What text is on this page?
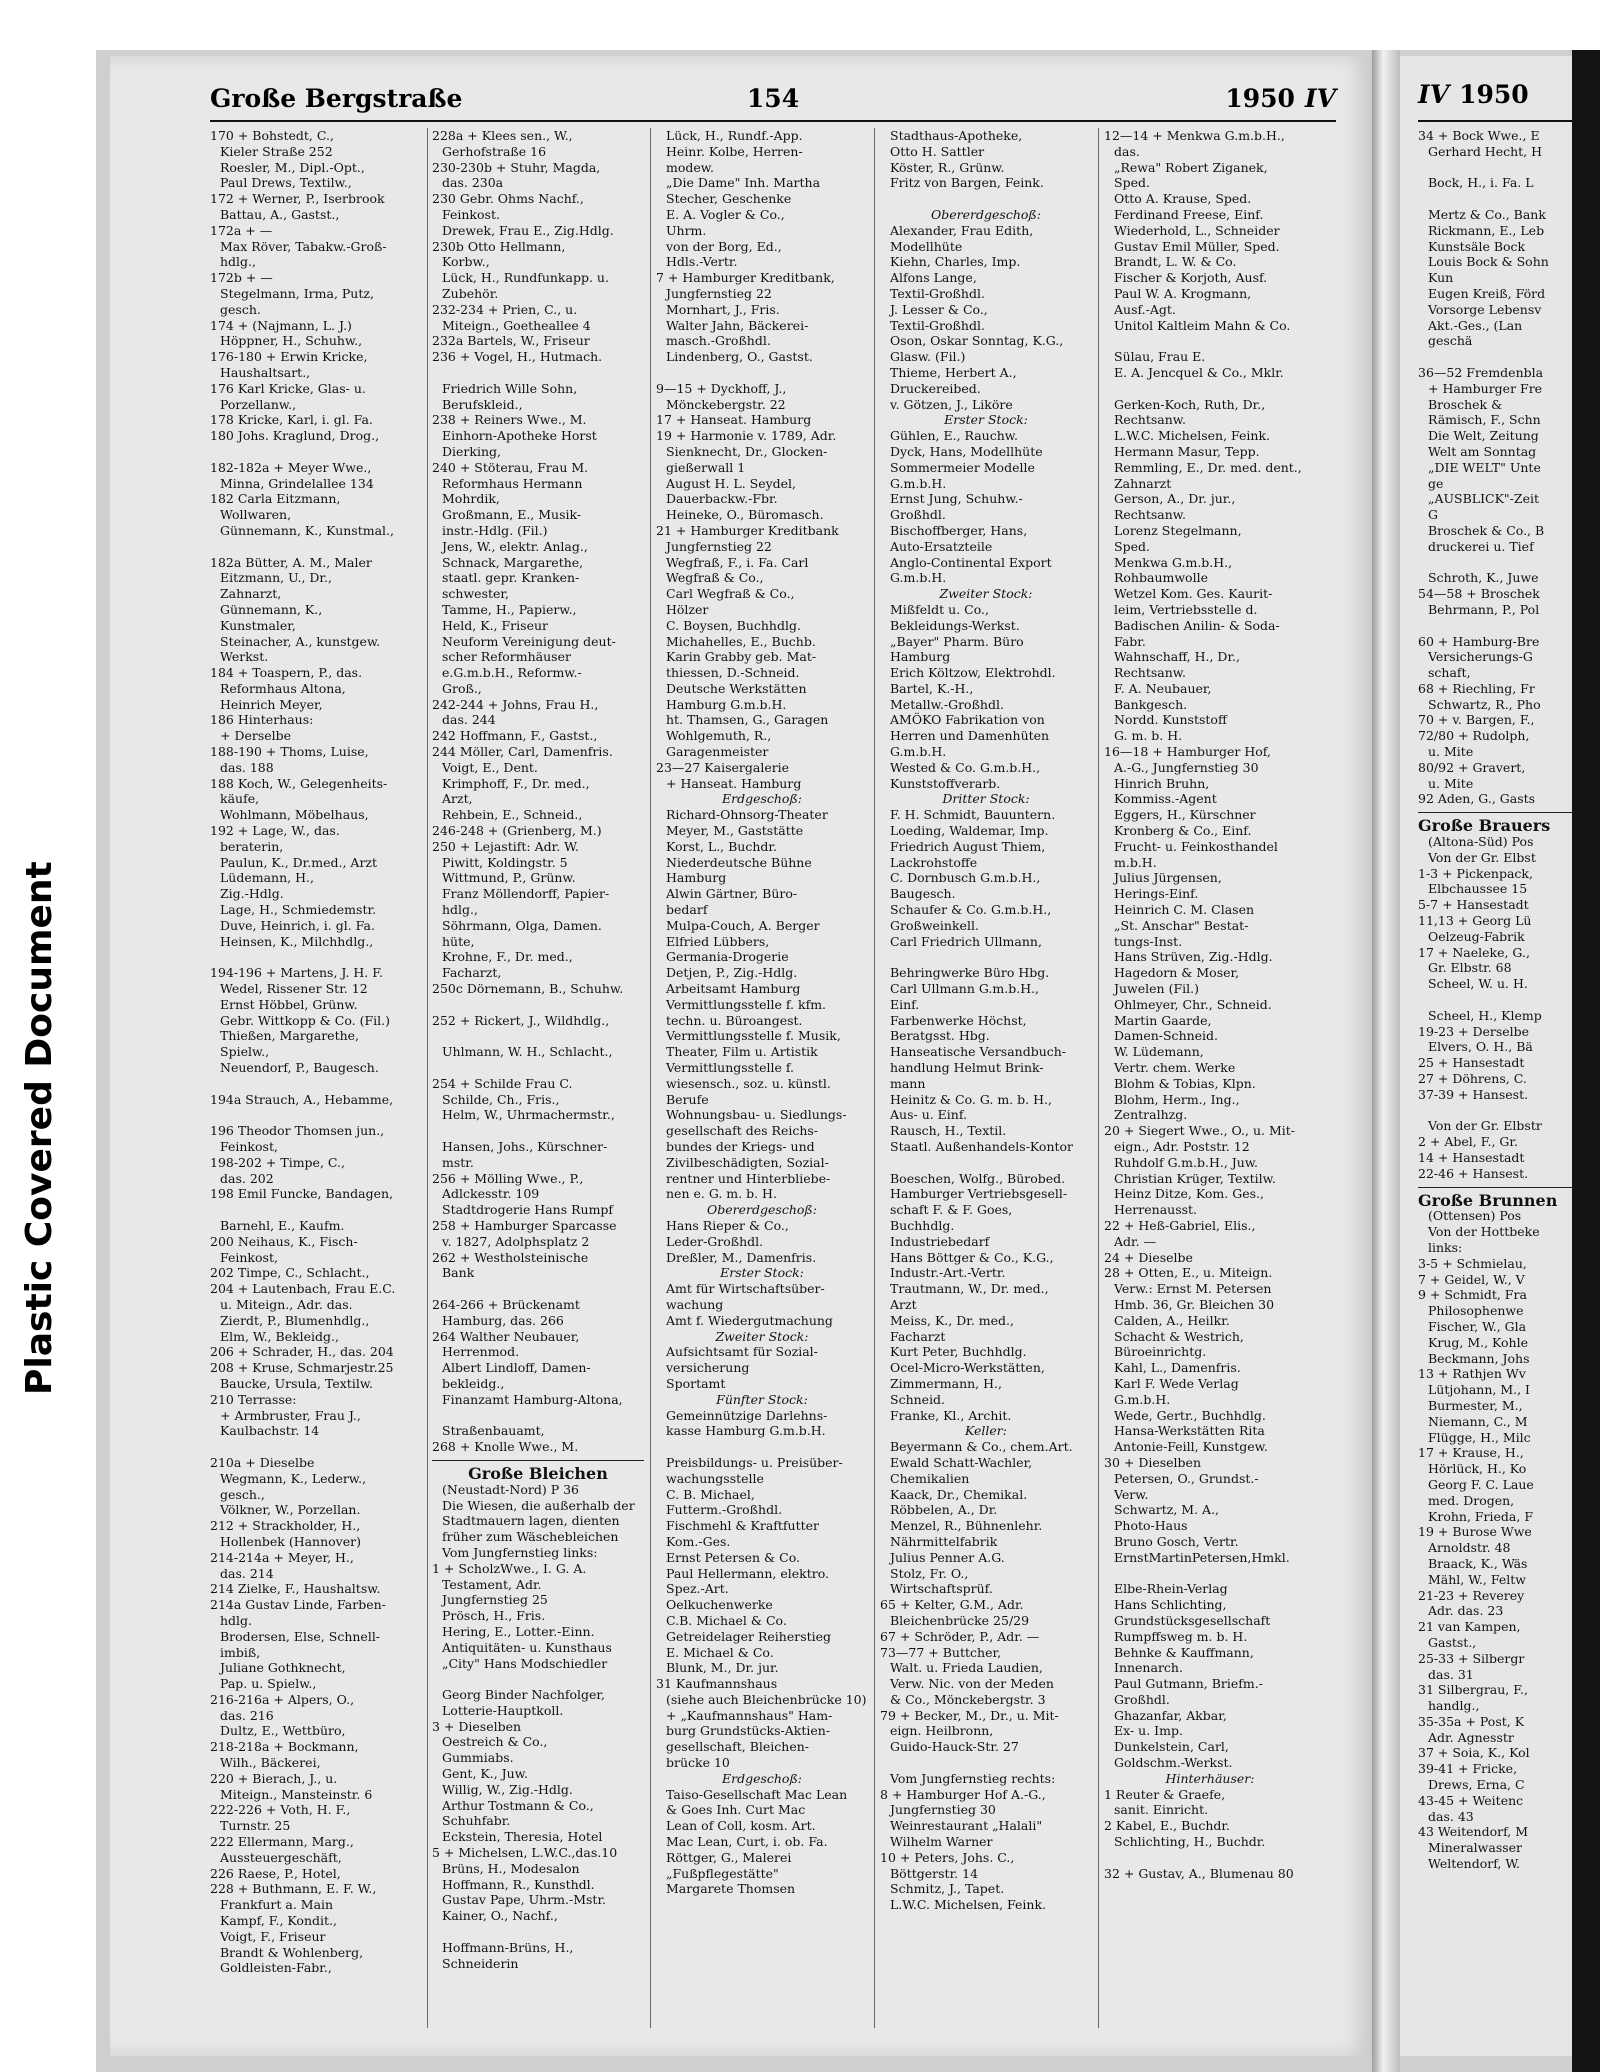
Plastic Covered Document
Große Bergstraße	154	1950 IV
170 + Bohstedt, C.,
Kieler Straße 252
Roesler, M., Dipl.-Opt.,
Paul Drews, Textilw.,
172 + Werner, P., Iserbrook
Battau, A., Gastst.,
172a + —
Max Röver, Tabakw.-Groß-
hdlg.,
172b + —
Stegelmann, Irma, Putz,
gesch.
174 + (Najmann, L. J.)
Höppner, H., Schuhw.,
176-180 + Erwin Kricke,
Haushaltsart.,
176 Karl Kricke, Glas- u.
Porzellanw.,
178 Kricke, Karl, i. gl. Fa.
180 Johs. Kraglund, Drog.,

182-182a + Meyer Wwe.,
Minna, Grindelallee 134
182 Carla Eitzmann,
Wollwaren,
Günnemann, K., Kunstmal.,

182a Bütter, A. M., Maler
Eitzmann, U., Dr.,
Zahnarzt,
Günnemann, K.,
Kunstmaler,
Steinacher, A., kunstgew.
Werkst.
184 + Toaspern, P., das.
Reformhaus Altona,
Heinrich Meyer,
186 Hinterhaus:
+ Derselbe
188-190 + Thoms, Luise,
das. 188
188 Koch, W., Gelegenheits-
käufe,
Wohlmann, Möbelhaus,
192 + Lage, W., das.
beraterin,
Paulun, K., Dr.med., Arzt
Lüdemann, H.,
Zig.-Hdlg.
Lage, H., Schmiedemstr.
Duve, Heinrich, i. gl. Fa.
Heinsen, K., Milchhdlg.,

194-196 + Martens, J. H. F.
Wedel, Rissener Str. 12
Ernst Höbbel, Grünw.
Gebr. Wittkopp & Co. (Fil.)
Thießen, Margarethe,
Spielw.,
Neuendorf, P., Baugesch.

194a Strauch, A., Hebamme,

196 Theodor Thomsen jun.,
Feinkost,
198-202 + Timpe, C.,
das. 202
198 Emil Funcke, Bandagen,

Barnehl, E., Kaufm.
200 Neihaus, K., Fisch-
Feinkost,
202 Timpe, C., Schlacht.,
204 + Lautenbach, Frau E.C.
u. Miteign., Adr. das.
Zierdt, P., Blumenhdlg.,
Elm, W., Bekleidg.,
206 + Schrader, H., das. 204
208 + Kruse, Schmarjestr.25
Baucke, Ursula, Textilw.
210 Terrasse:
+ Armbruster, Frau J.,
Kaulbachstr. 14

210a + Dieselbe
Wegmann, K., Lederw.,
gesch.,
Völkner, W., Porzellan.
212 + Strackholder, H.,
Hollenbek (Hannover)
214-214a + Meyer, H.,
das. 214
214 Zielke, F., Haushaltsw.
214a Gustav Linde, Farben-
hdlg.
Brodersen, Else, Schnell-
imbiß,
Juliane Gothknecht,
Pap. u. Spielw.,
216-216a + Alpers, O.,
das. 216
Dultz, E., Wettbüro,
218-218a + Bockmann,
Wilh., Bäckerei,
220 + Bierach, J., u.
Miteign., Mansteinstr. 6
222-226 + Voth, H. F.,
Turnstr. 25
222 Ellermann, Marg.,
Aussteuergeschäft,
226 Raese, P., Hotel,
228 + Buthmann, E. F. W.,
Frankfurt a. Main
Kampf, F., Kondit.,
Voigt, F., Friseur
Brandt & Wohlenberg,
Goldleisten-Fabr.,
228a + Klees sen., W.,
Gerhofstraße 16
230-230b + Stuhr, Magda,
das. 230a
230 Gebr. Ohms Nachf.,
Feinkost.
Drewek, Frau E., Zig.Hdlg.
230b Otto Hellmann,
Korbw.,
Lück, H., Rundfunkapp. u.
Zubehör.
232-234 + Prien, C., u.
Miteign., Goetheallee 4
232a Bartels, W., Friseur
236 + Vogel, H., Hutmach.

Friedrich Wille Sohn,
Berufskleid.,
238 + Reiners Wwe., M.
Einhorn-Apotheke Horst
Dierking,
240 + Stöterau, Frau M.
Reformhaus Hermann
Mohrdik,
Großmann, E., Musik-
instr.-Hdlg. (Fil.)
Jens, W., elektr. Anlag.,
Schnack, Margarethe,
staatl. gepr. Kranken-
schwester,
Tamme, H., Papierw.,
Held, K., Friseur
Neuform Vereinigung deut-
scher Reformhäuser
e.G.m.b.H., Reformw.-
Groß.,
242-244 + Johns, Frau H.,
das. 244
242 Hoffmann, F., Gastst.,
244 Möller, Carl, Damenfris.
Voigt, E., Dent.
Krimphoff, F., Dr. med.,
Arzt,
Rehbein, E., Schneid.,
246-248 + (Grienberg, M.)
250 + Lejastift: Adr. W.
Piwitt, Koldingstr. 5
Wittmund, P., Grünw.
Franz Möllendorff, Papier-
hdlg.,
Söhrmann, Olga, Damen.
hüte,
Krohne, F., Dr. med.,
Facharzt,
250c Dörnemann, B., Schuhw.

252 + Rickert, J., Wildhdlg.,

Uhlmann, W. H., Schlacht.,

254 + Schilde Frau C.
Schilde, Ch., Fris.,
Helm, W., Uhrmachermstr.,

Hansen, Johs., Kürschner-
mstr.
256 + Mölling Wwe., P.,
Adlckesstr. 109
Stadtdrogerie Hans Rumpf
258 + Hamburger Sparcasse
v. 1827, Adolphsplatz 2
262 + Westholsteinische
Bank

264-266 + Brückenamt
Hamburg, das. 266
264 Walther Neubauer,
Herrenmod.
Albert Lindloff, Damen-
bekleidg.,
Finanzamt Hamburg-Altona,

Straßenbauamt,
268 + Knolle Wwe., M.
Große Bleichen
(Neustadt-Nord) P 36
Die Wiesen, die außerhalb der
Stadtmauern lagen, dienten
früher zum Wäschebleichen
Vom Jungfernstieg links:
1 + ScholzWwe., I. G. A.
Testament, Adr.
Jungfernstieg 25
Prösch, H., Fris.
Hering, E., Lotter.-Einn.
Antiquitäten- u. Kunsthaus
„City" Hans Modschiedler

Georg Binder Nachfolger,
Lotterie-Hauptkoll.
3 + Dieselben
Oestreich & Co.,
Gummiabs.
Gent, K., Juw.
Willig, W., Zig.-Hdlg.
Arthur Tostmann & Co.,
Schuhfabr.
Eckstein, Theresia, Hotel
5 + Michelsen, L.W.C.,das.10
Brüns, H., Modesalon
Hoffmann, R., Kunsthdl.
Gustav Pape, Uhrm.-Mstr.
Kainer, O., Nachf.,

Hoffmann-Brüns, H.,
Schneiderin
Lück, H., Rundf.-App.
Heinr. Kolbe, Herren-
modew.
„Die Dame" Inh. Martha
Stecher, Geschenke
E. A. Vogler & Co.,
Uhrm.
von der Borg, Ed.,
Hdls.-Vertr.
7 + Hamburger Kreditbank,
Jungfernstieg 22
Mornhart, J., Fris.
Walter Jahn, Bäckerei-
masch.-Großhdl.
Lindenberg, O., Gastst.

9—15 + Dyckhoff, J.,
Mönckebergstr. 22
17 + Hanseat. Hamburg
19 + Harmonie v. 1789, Adr.
Sienknecht, Dr., Glocken-
gießerwall 1
August H. L. Seydel,
Dauerbackw.-Fbr.
Heineke, O., Büromasch.
21 + Hamburger Kreditbank
Jungfernstieg 22
Wegfraß, F., i. Fa. Carl
Wegfraß & Co.,
Carl Wegfraß & Co.,
Hölzer
C. Boysen, Buchhdlg.
Michahelles, E., Buchb.
Karin Grabby geb. Mat-
thiessen, D.-Schneid.
Deutsche Werkstätten
Hamburg G.m.b.H.
ht. Thamsen, G., Garagen
Wohlgemuth, R.,
Garagenmeister
23—27 Kaisergalerie
+ Hanseat. Hamburg
Erdgeschoß:
Richard-Ohnsorg-Theater
Meyer, M., Gaststätte
Korst, L., Buchdr.
Niederdeutsche Bühne
Hamburg
Alwin Gärtner, Büro-
bedarf
Mulpa-Couch, A. Berger
Elfried Lübbers,
Germania-Drogerie
Detjen, P., Zig.-Hdlg.
Arbeitsamt Hamburg
Vermittlungsstelle f. kfm.
techn. u. Büroangest.
Vermittlungsstelle f. Musik,
Theater, Film u. Artistik
Vermittlungsstelle f.
wiesensch., soz. u. künstl.
Berufe
Wohnungsbau- u. Siedlungs-
gesellschaft des Reichs-
bundes der Kriegs- und
Zivilbeschädigten, Sozial-
rentner und Hinterbliebe-
nen e. G. m. b. H.
Obererdgeschoß:
Hans Rieper & Co.,
Leder-Großhdl.
Dreßler, M., Damenfris.
Erster Stock:
Amt für Wirtschaftsüber-
wachung
Amt f. Wiedergutmachung
Zweiter Stock:
Aufsichtsamt für Sozial-
versicherung
Sportamt
Fünfter Stock:
Gemeinnützige Darlehns-
kasse Hamburg G.m.b.H.

Preisbildungs- u. Preisüber-
wachungsstelle
C. B. Michael,
Futterm.-Großhdl.
Fischmehl & Kraftfutter
Kom.-Ges.
Ernst Petersen & Co.
Paul Hellermann, elektro.
Spez.-Art.
Oelkuchenwerke
C.B. Michael & Co.
Getreidelager Reiherstieg
E. Michael & Co.
Blunk, M., Dr. jur.
31 Kaufmannshaus
(siehe auch Bleichenbrücke 10)
+ „Kaufmannshaus" Ham-
burg Grundstücks-Aktien-
gesellschaft, Bleichen-
brücke 10
Erdgeschoß:
Taiso-Gesellschaft Mac Lean
& Goes Inh. Curt Mac
Lean of Coll, kosm. Art.
Mac Lean, Curt, i. ob. Fa.
Röttger, G., Malerei
„Fußpflegestätte"
Margarete Thomsen
Stadthaus-Apotheke,
Otto H. Sattler
Köster, R., Grünw.
Fritz von Bargen, Feink.

Obererdgeschoß:
Alexander, Frau Edith,
Modellhüte
Kiehn, Charles, Imp.
Alfons Lange,
Textil-Großhdl.
J. Lesser & Co.,
Textil-Großhdl.
Oson, Oskar Sonntag, K.G.,
Glasw. (Fil.)
Thieme, Herbert A.,
Druckereibed.
v. Götzen, J., Liköre
Erster Stock:
Gühlen, E., Rauchw.
Dyck, Hans, Modellhüte
Sommermeier Modelle
G.m.b.H.
Ernst Jung, Schuhw.-
Großhdl.
Bischoffberger, Hans,
Auto-Ersatzteile
Anglo-Continental Export
G.m.b.H.
Zweiter Stock:
Mißfeldt u. Co.,
Bekleidungs-Werkst.
„Bayer" Pharm. Büro
Hamburg
Erich Költzow, Elektrohdl.
Bartel, K.-H.,
Metallw.-Großhdl.
AMÖKO Fabrikation von
Herren und Damenhüten
G.m.b.H.
Wested & Co. G.m.b.H.,
Kunststoffverarb.
Dritter Stock:
F. H. Schmidt, Bauuntern.
Loeding, Waldemar, Imp.
Friedrich August Thiem,
Lackrohstoffe
C. Dornbusch G.m.b.H.,
Baugesch.
Schaufer & Co. G.m.b.H.,
Großweinkell.
Carl Friedrich Ullmann,

Behringwerke Büro Hbg.
Carl Ullmann G.m.b.H.,
Einf.
Farbenwerke Höchst,
Beratgsst. Hbg.
Hanseatische Versandbuch-
handlung Helmut Brink-
mann
Heinitz & Co. G. m. b. H.,
Aus- u. Einf.
Rausch, H., Textil.
Staatl. Außenhandels-Kontor

Boeschen, Wolfg., Bürobed.
Hamburger Vertriebsgesell-
schaft F. & F. Goes,
Buchhdlg.
Industriebedarf
Hans Böttger & Co., K.G.,
Industr.-Art.-Vertr.
Trautmann, W., Dr. med.,
Arzt
Meiss, K., Dr. med.,
Facharzt
Kurt Peter, Buchhdlg.
Ocel-Micro-Werkstätten,
Zimmermann, H.,
Schneid.
Franke, Kl., Archit.
Keller:
Beyermann & Co., chem.Art.
Ewald Schatt-Wachler,
Chemikalien
Kaack, Dr., Chemikal.
Röbbelen, A., Dr.
Menzel, R., Bühnenlehr.
Nährmittelfabrik
Julius Penner A.G.
Stolz, Fr. O.,
Wirtschaftsprüf.
65 + Kelter, G.M., Adr.
Bleichenbrücke 25/29
67 + Schröder, P., Adr. —
73—77 + Buttcher,
Walt. u. Frieda Laudien,
Verw. Nic. von der Meden
& Co., Mönckebergstr. 3
79 + Becker, M., Dr., u. Mit-
eign. Heilbronn,
Guido-Hauck-Str. 27

Vom Jungfernstieg rechts:
8 + Hamburger Hof A.-G.,
Jungfernstieg 30
Weinrestaurant „Halali"
Wilhelm Warner
10 + Peters, Johs. C.,
Böttgerstr. 14
Schmitz, J., Tapet.
L.W.C. Michelsen, Feink.
12—14 + Menkwa G.m.b.H.,
das.
„Rewa" Robert Ziganek,
Sped.
Otto A. Krause, Sped.
Ferdinand Freese, Einf.
Wiederhold, L., Schneider
Gustav Emil Müller, Sped.
Brandt, L. W. & Co.
Fischer & Korjoth, Ausf.
Paul W. A. Krogmann,
Ausf.-Agt.
Unitol Kaltleim Mahn & Co.

Sülau, Frau E.
E. A. Jencquel & Co., Mklr.

Gerken-Koch, Ruth, Dr.,
Rechtsanw.
L.W.C. Michelsen, Feink.
Hermann Masur, Tepp.
Remmling, E., Dr. med. dent.,
Zahnarzt
Gerson, A., Dr. jur.,
Rechtsanw.
Lorenz Stegelmann,
Sped.
Menkwa G.m.b.H.,
Rohbaumwolle
Wetzel Kom. Ges. Kaurit-
leim, Vertriebsstelle d.
Badischen Anilin- & Soda-
Fabr.
Wahnschaff, H., Dr.,
Rechtsanw.
F. A. Neubauer,
Bankgesch.
Nordd. Kunststoff
G. m. b. H.
16—18 + Hamburger Hof,
A.-G., Jungfernstieg 30
Hinrich Bruhn,
Kommiss.-Agent
Eggers, H., Kürschner
Kronberg & Co., Einf.
Frucht- u. Feinkosthandel
m.b.H.
Julius Jürgensen,
Herings-Einf.
Heinrich C. M. Clasen
„St. Anschar" Bestat-
tungs-Inst.
Hans Strüven, Zig.-Hdlg.
Hagedorn & Moser,
Juwelen (Fil.)
Ohlmeyer, Chr., Schneid.
Martin Gaarde,
Damen-Schneid.
W. Lüdemann,
Vertr. chem. Werke
Blohm & Tobias, Klpn.
Blohm, Herm., Ing.,
Zentralhzg.
20 + Siegert Wwe., O., u. Mit-
eign., Adr. Poststr. 12
Ruhdolf G.m.b.H., Juw.
Christian Krüger, Textilw.
Heinz Ditze, Kom. Ges.,
Herrenausst.
22 + Heß-Gabriel, Elis.,
Adr. —
24 + Dieselbe
28 + Otten, E., u. Miteign.
Verw.: Ernst M. Petersen
Hmb. 36, Gr. Bleichen 30
Calden, A., Heilkr.
Schacht & Westrich,
Büroeinrichtg.
Kahl, L., Damenfris.
Karl F. Wede Verlag
G.m.b.H.
Wede, Gertr., Buchhdlg.
Hansa-Werkstätten Rita
Antonie-Feill, Kunstgew.
30 + Dieselben
Petersen, O., Grundst.-
Verw.
Schwartz, M. A.,
Photo-Haus
Bruno Gosch, Vertr.
ErnstMartinPetersen,Hmkl.

Elbe-Rhein-Verlag
Hans Schlichting,
Grundstücksgesellschaft
Rumpffsweg m. b. H.
Behnke & Kauffmann,
Innenarch.
Paul Gutmann, Briefm.-
Großhdl.
Ghazanfar, Akbar,
Ex- u. Imp.
Dunkelstein, Carl,
Goldschm.-Werkst.
Hinterhäuser:
1 Reuter & Graefe,
sanit. Einricht.
2 Kabel, E., Buchdr.
Schlichting, H., Buchdr.

32 + Gustav, A., Blumenau 80
IV 1950
34 + Bock Wwe., E
Gerhard Hecht, H

Bock, H., i. Fa. L

Mertz & Co., Bank
Rickmann, E., Leb
Kunstsäle Bock
Louis Bock & Sohn
Kun
Eugen Kreiß, Förd
Vorsorge Lebensv
Akt.-Ges., (Lan
geschä

36—52 Fremdenbla
+ Hamburger Fre
Broschek &
Rämisch, F., Schn
Die Welt, Zeitung
Welt am Sonntag
„DIE WELT" Unte
ge
„AUSBLICK"-Zeit
G
Broschek & Co., B
druckerei u. Tief

Schroth, K., Juwe
54—58 + Broschek
Behrmann, P., Pol

60 + Hamburg-Bre
Versicherungs-G
schaft,
68 + Riechling, Fr
Schwartz, R., Pho
70 + v. Bargen, F.,
72/80 + Rudolph,
u. Mite
80/92 + Gravert,
u. Mite
92 Aden, G., Gasts
Große Brauers
(Altona-Süd) Pos
Von der Gr. Elbst
1-3 + Pickenpack,
Elbchaussee 15
5-7 + Hansestadt
11,13 + Georg Lü
Oelzeug-Fabrik
17 + Naeleke, G.,
Gr. Elbstr. 68
Scheel, W. u. H.

Scheel, H., Klemp
19-23 + Derselbe
Elvers, O. H., Bä
25 + Hansestadt
27 + Döhrens, C.
37-39 + Hansest.

Von der Gr. Elbstr
2 + Abel, F., Gr.
14 + Hansestadt
22-46 + Hansest.
Große Brunnen
(Ottensen) Pos
Von der Hottbeke
links:
3-5 + Schmielau,
7 + Geidel, W., V
9 + Schmidt, Fra
Philosophenwe
Fischer, W., Gla
Krug, M., Kohle
Beckmann, Johs
13 + Rathjen Wv
Lütjohann, M., I
Burmester, M.,
Niemann, C., M
Flügge, H., Milc
17 + Krause, H.,
Hörlück, H., Ko
Georg F. C. Laue
med. Drogen,
Krohn, Frieda, F
19 + Burose Wwe
Arnoldstr. 48
Braack, K., Wäs
Mähl, W., Feltw
21-23 + Reverey
Adr. das. 23
21 van Kampen,
Gastst.,
25-33 + Silbergr
das. 31
31 Silbergrau, F.,
handlg.,
35-35a + Post, K
Adr. Agnesstr
37 + Soia, K., Kol
39-41 + Fricke,
Drews, Erna, C
43-45 + Weitenc
das. 43
43 Weitendorf, M
Mineralwasser
Weltendorf, W.
